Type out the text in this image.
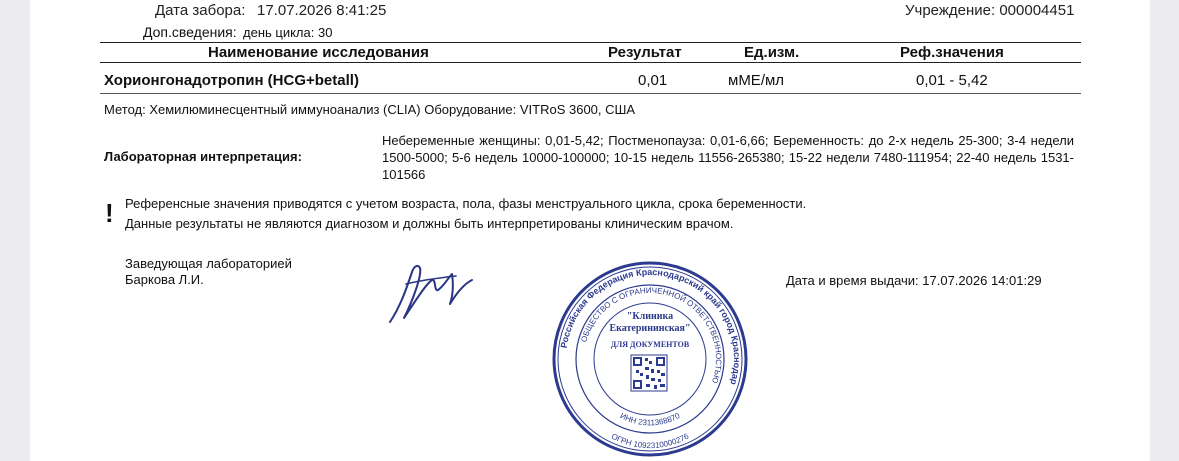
Дата забора: 17.07.2026 8:41:25	Учреждение: 000004451
Доп.сведения: день цикла: 30
Наименование исследования	Результат	Ед.изм.	Реф.значения
Хорионгонадотропин (HCG+betall)	0,01	мМЕ/мл	0,01 - 5,42
Метод: Хемилюминесцентный иммуноанализ (CLIA) Оборудование: VITRoS 3600, США
Лабораторная интерпретация:
Небеременные женщины: 0,01-5,42; Постменопауза: 0,01-6,66; Беременность: до 2-х недель 25-300; 3-4 недели 1500-5000; 5-6 недель 10000-100000; 10-15 недель 11556-265380; 15-22 недели 7480-111954; 22-40 недель 1531-101566
! Референсные значения приводятся с учетом возраста, пола, фазы менструального цикла, срока беременности.
Данные результаты не являются диагнозом и должны быть интерпретированы клиническим врачом.
Заведующая лабораторией
Баркова Л.И.
Российская Федерация Краснодарский край город Краснодар
ОБЩЕСТВО С ОГРАНИЧЕННОЙ ОТВЕТСТВЕННОСТЬЮ
"Клиника
Екатерининская"
ДЛЯ ДОКУМЕНТОВ
ИНН 2311368870
ОГРН 1092310000276
Дата и время выдачи: 17.07.2026 14:01:29
